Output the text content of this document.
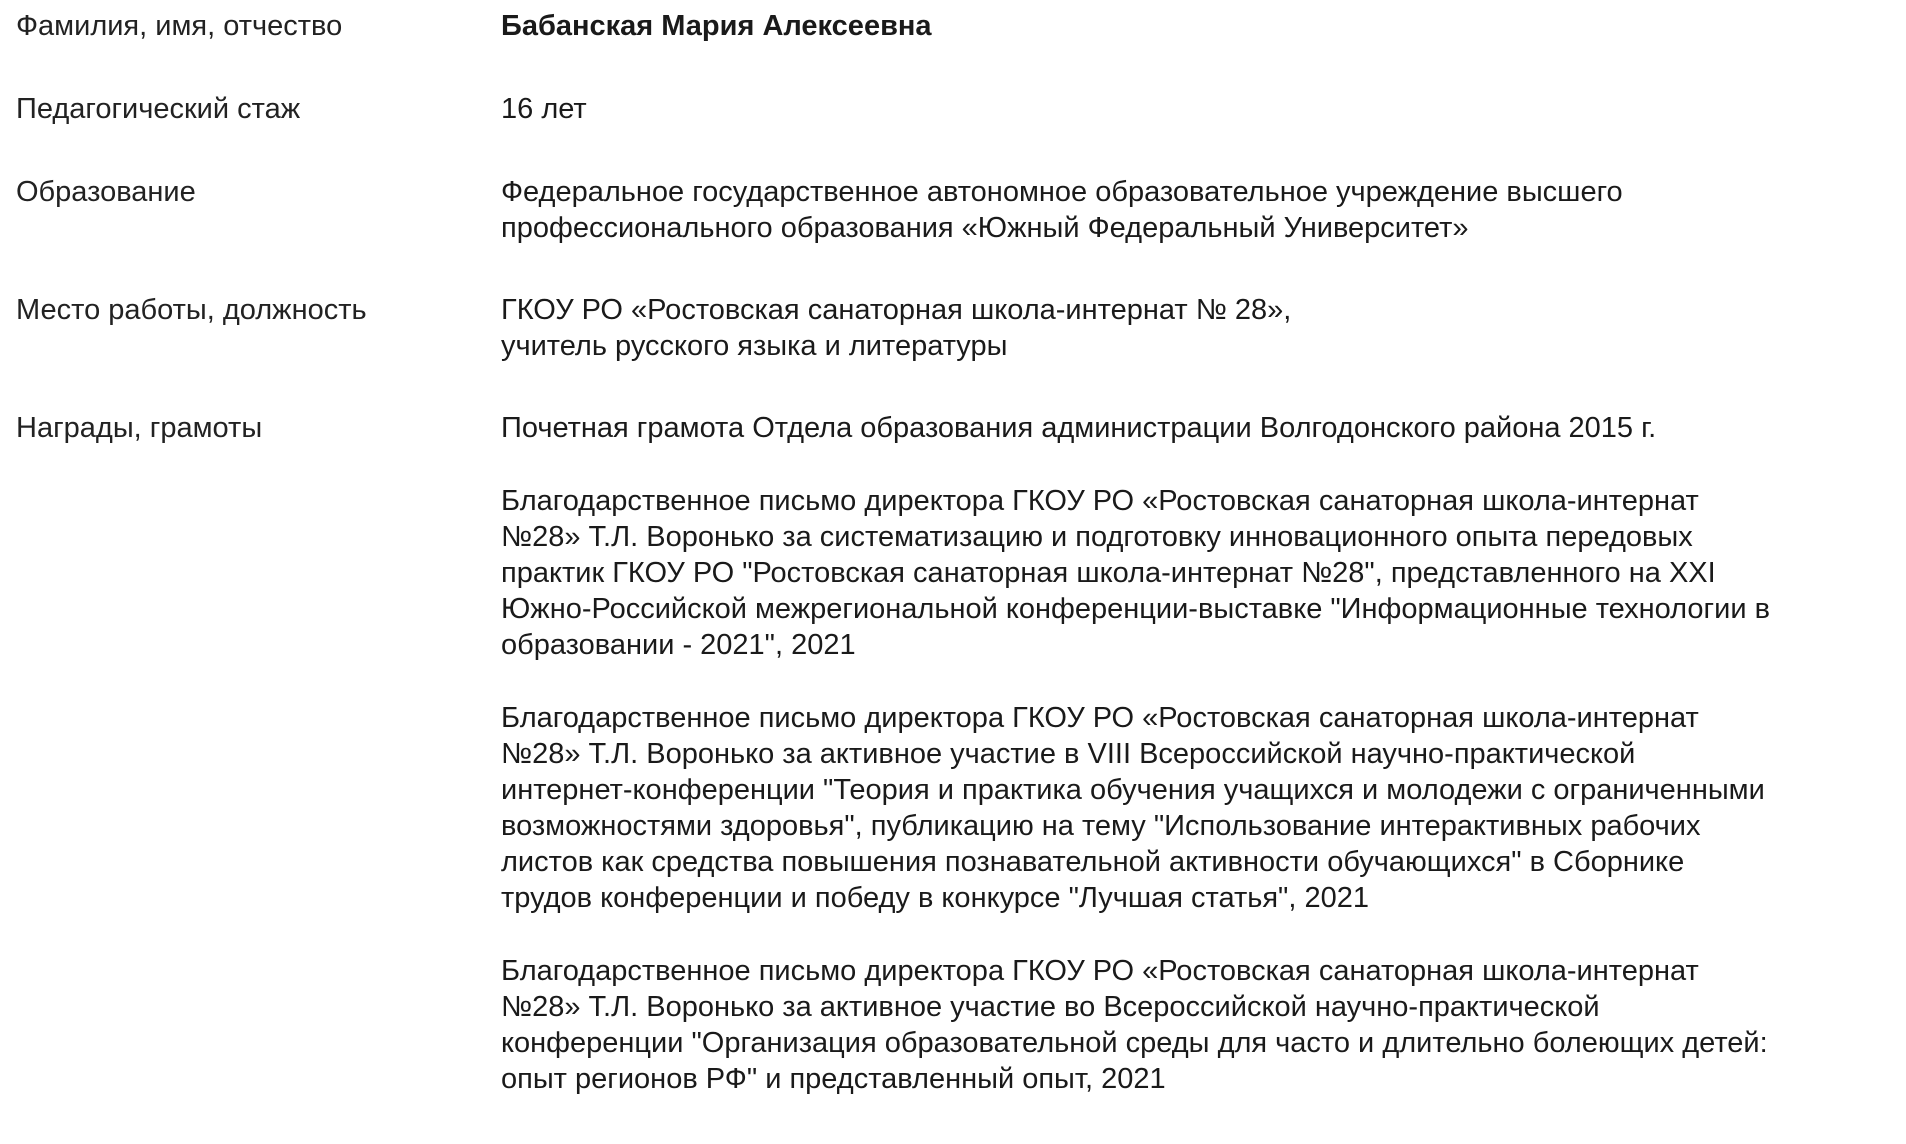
Фамилия, имя, отчество	Бабанская Мария Алексеевна
Педагогический стаж	16 лет
Образование	Федеральное государственное автономное образовательное учреждение высшего

профессионального образования «Южный Федеральный Университет»

Место работы, должность	ГКОУ РО «Ростовская санаторная школа-интернат № 28»,

учитель русского языка и литературы

Награды, грамоты	Почетная грамота Отдела образования администрации Волгодонского района 2015 г.

Благодарственное письмо директора ГКОУ РО «Ростовская санаторная школа-интернат

№28» Т.Л. Воронько за систематизацию и подготовку инновационного опыта передовых

практик ГКОУ РО "Ростовская санаторная школа-интернат №28", представленного на XXI

Южно-Российской межрегиональной конференции-выставке "Информационные технологии в

образовании - 2021", 2021

Благодарственное письмо директора ГКОУ РО «Ростовская санаторная школа-интернат

№28» Т.Л. Воронько за активное участие в VIII Всероссийской научно-практической

интернет-конференции "Теория и практика обучения учащихся и молодежи с ограниченными

возможностями здоровья", публикацию на тему "Использование интерактивных рабочих

листов как средства повышения познавательной активности обучающихся" в Сборнике

трудов конференции и победу в конкурсе "Лучшая статья", 2021

Благодарственное письмо директора ГКОУ РО «Ростовская санаторная школа-интернат

№28» Т.Л. Воронько за активное участие во Всероссийской научно-практической

конференции "Организация образовательной среды для часто и длительно болеющих детей:

опыт регионов РФ" и представленный опыт, 2021
